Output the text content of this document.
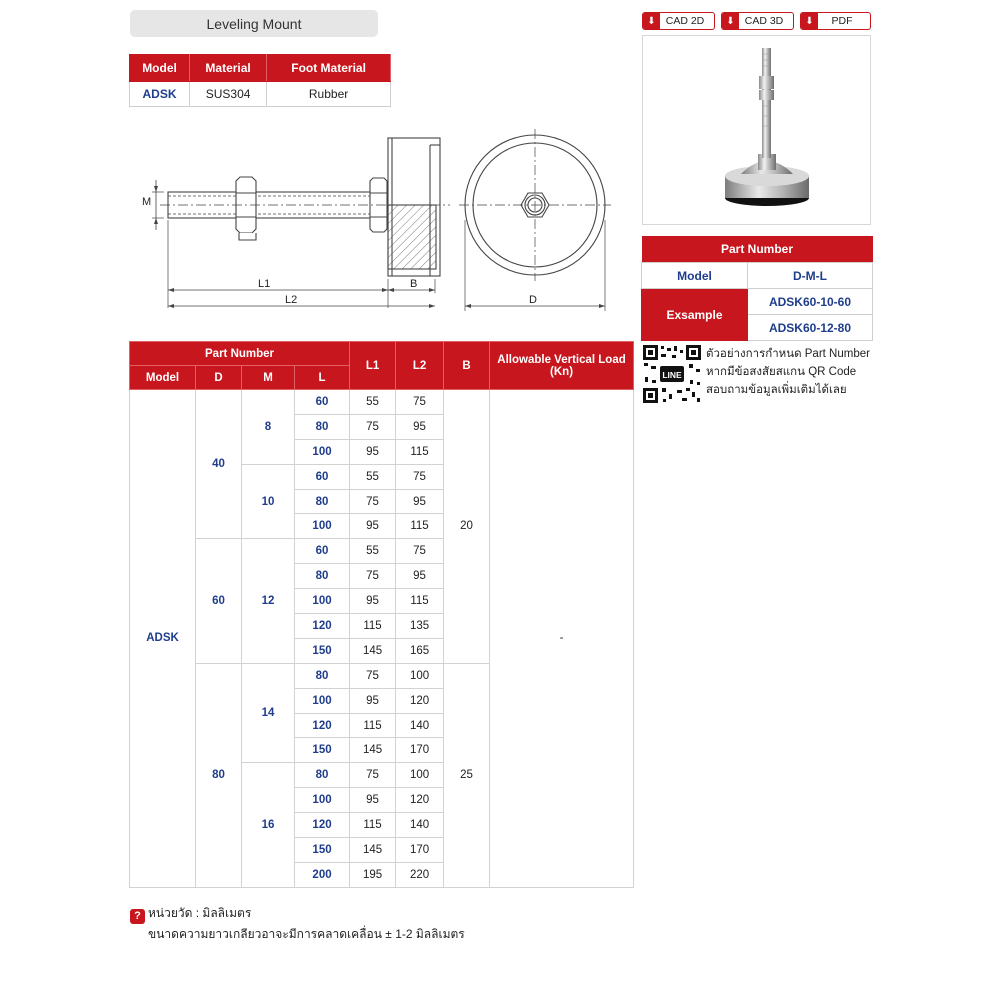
Leveling Mount
Model	Material	Foot Material
ADSK	SUS304	Rubber
M
L1
L2
B
D
⬇ CAD 2D	⬇ CAD 3D	⬇	PDF
Part Number	
Model	D-M-L
Exsample	ADSK60-10-60
	ADSK60-12-80
LINE
ตัวอย่างการกำหนด Part Number
หากมีข้อสงสัยสแกน QR Code
สอบถามข้อมูลเพิ่มเติมได้เลย
Part Number				L1	L2	B	Allowable Vertical Load (Kn)
Model	D	M	L				
ADSK	40	8	60	55	75	20	-
			80	75	95		
			100	95	115		
		10	60	55	75		
			80	75	95		
			100	95	115		
	60	12	60	55	75		
			80	75	95		
			100	95	115		
			120	115	135		
			150	145	165		
	80	14	80	75	100	25	
			100	95	120		
			120	115	140		
			150	145	170		
		16	80	75	100		
			100	95	120		
			120	115	140		
			150	145	170		
			200	195	220		
? หน่วยวัด : มิลลิเมตร
ขนาดความยาวเกลียวอาจะมีการคลาดเคลื่อน ± 1-2 มิลลิเมตร
